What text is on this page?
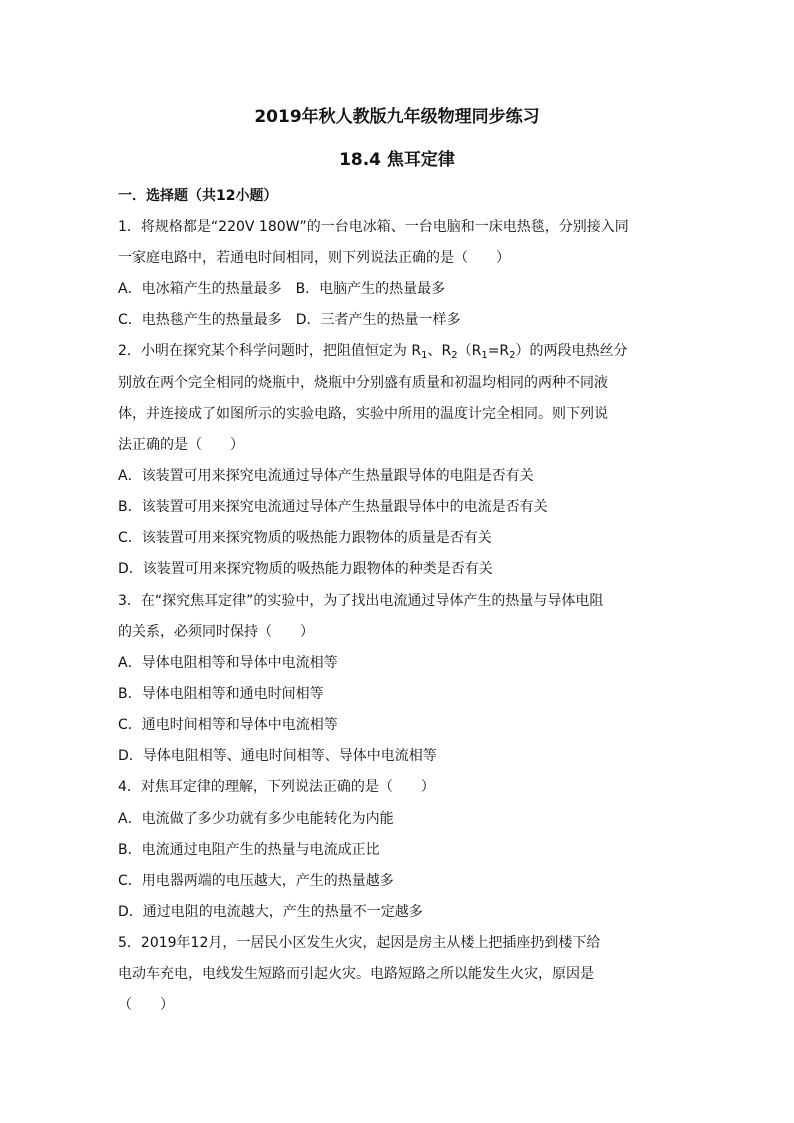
2019年秋人教版九年级物理同步练习
18.4 焦耳定律
一．选择题（共12小题）
1．将规格都是“220V 180W”的一台电冰箱、一台电脑和一床电热毯，分别接入同
一家庭电路中，若通电时间相同，则下列说法正确的是（　　）
A．电冰箱产生的热量最多　B．电脑产生的热量最多
C．电热毯产生的热量最多　D．三者产生的热量一样多
2．小明在探究某个科学问题时，把阻值恒定为 $R_1$、$R_2(R_1=R_2)$的两段电热丝分
别放在两个完全相同的烧瓶中，烧瓶中分别盛有质量和初温均相同的两种不同液
体，并连接成了如图所示的实验电路，实验中所用的温度计完全相同。则下列说
法正确的是（　　）
A．该装置可用来探究电流通过导体产生热量跟导体的电阻是否有关
B．该装置可用来探究电流通过导体产生热量跟导体中的电流是否有关
C．该装置可用来探究物质的吸热能力跟物体的质量是否有关
D．该装置可用来探究物质的吸热能力跟物体的种类是否有关
3．在“探究焦耳定律”的实验中，为了找出电流通过导体产生的热量与导体电阻
的关系，必须同时保持（　　）
A．导体电阻相等和导体中电流相等
B．导体电阻相等和通电时间相等
C．通电时间相等和导体中电流相等
D．导体电阻相等、通电时间相等、导体中电流相等
4．对焦耳定律的理解，下列说法正确的是（　　）
A．电流做了多少功就有多少电能转化为内能
B．电流通过电阻产生的热量与电流成正比
C．用电器两端的电压越大，产生的热量越多
D．通过电阻的电流越大，产生的热量不一定越多
5．2019年12月，一居民小区发生火灾，起因是房主从楼上把插座扔到楼下给
电动车充电，电线发生短路而引起火灾。电路短路之所以能发生火灾，原因是
（　　）
